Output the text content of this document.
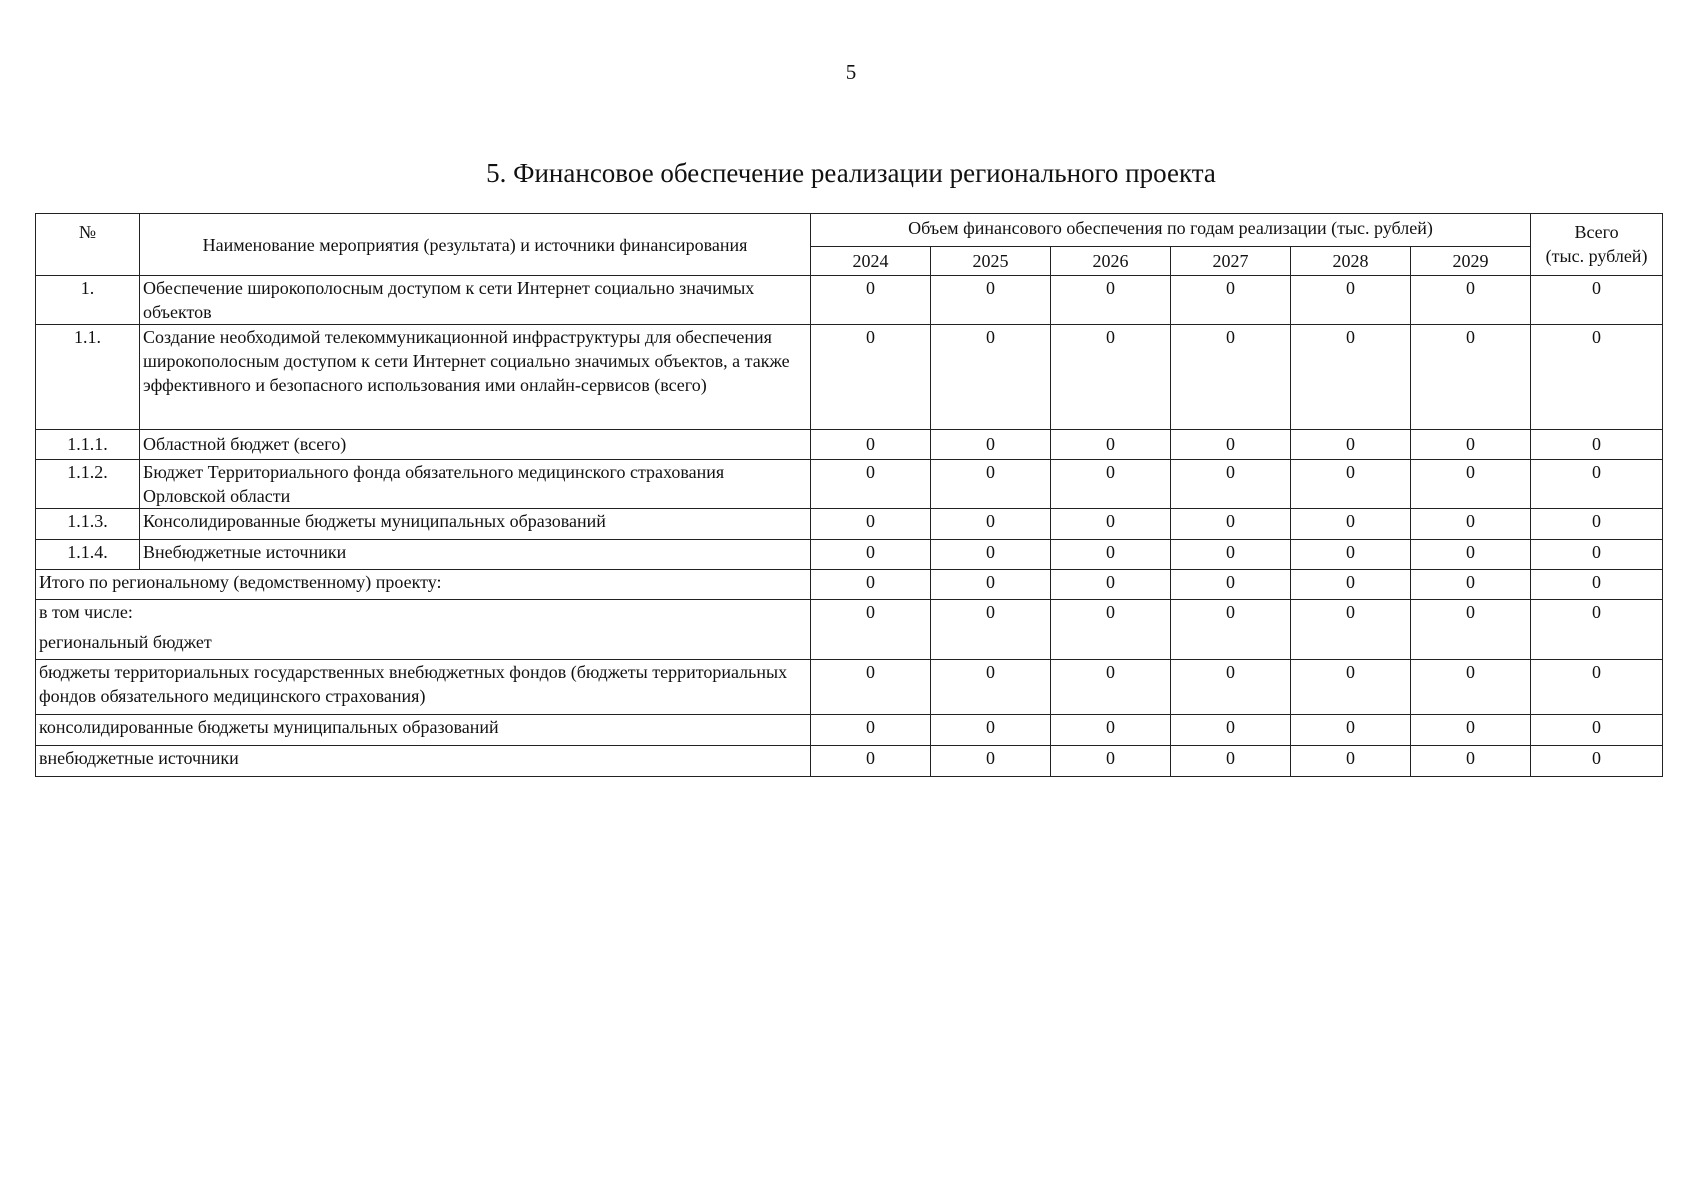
5
5. Финансовое обеспечение реализации регионального проекта
№	Наименование мероприятия (результата) и источники финансирования	Объем финансового обеспечения по годам реализации (тыс. рублей)						Всего
(тыс. рублей)
		2024	2025	2026	2027	2028	2029	
1.	Обеспечение широкополосным доступом к сети Интернет социально значимых объектов	0	0	0	0	0	0	0
1.1.	Создание необходимой телекоммуникационной инфраструктуры для обеспечения широкополосным доступом к сети Интернет социально значимых объектов, а также эффективного и безопасного использования ими онлайн-сервисов (всего)	0	0	0	0	0	0	0
1.1.1.	Областной бюджет (всего)	0	0	0	0	0	0	0
1.1.2.	Бюджет Территориального фонда обязательного медицинского страхования Орловской области	0	0	0	0	0	0	0
1.1.3.	Консолидированные бюджеты муниципальных образований	0	0	0	0	0	0	0
1.1.4.	Внебюджетные источники	0	0	0	0	0	0	0
Итого по региональному (ведомственному) проекту:		0	0	0	0	0	0	0
в том числе:
региональный бюджет		0	0	0	0	0	0	0
бюджеты территориальных государственных внебюджетных фондов (бюджеты территориальных фондов обязательного медицинского страхования)		0	0	0	0	0	0	0
консолидированные бюджеты муниципальных образований		0	0	0	0	0	0	0
внебюджетные источники		0	0	0	0	0	0	0
